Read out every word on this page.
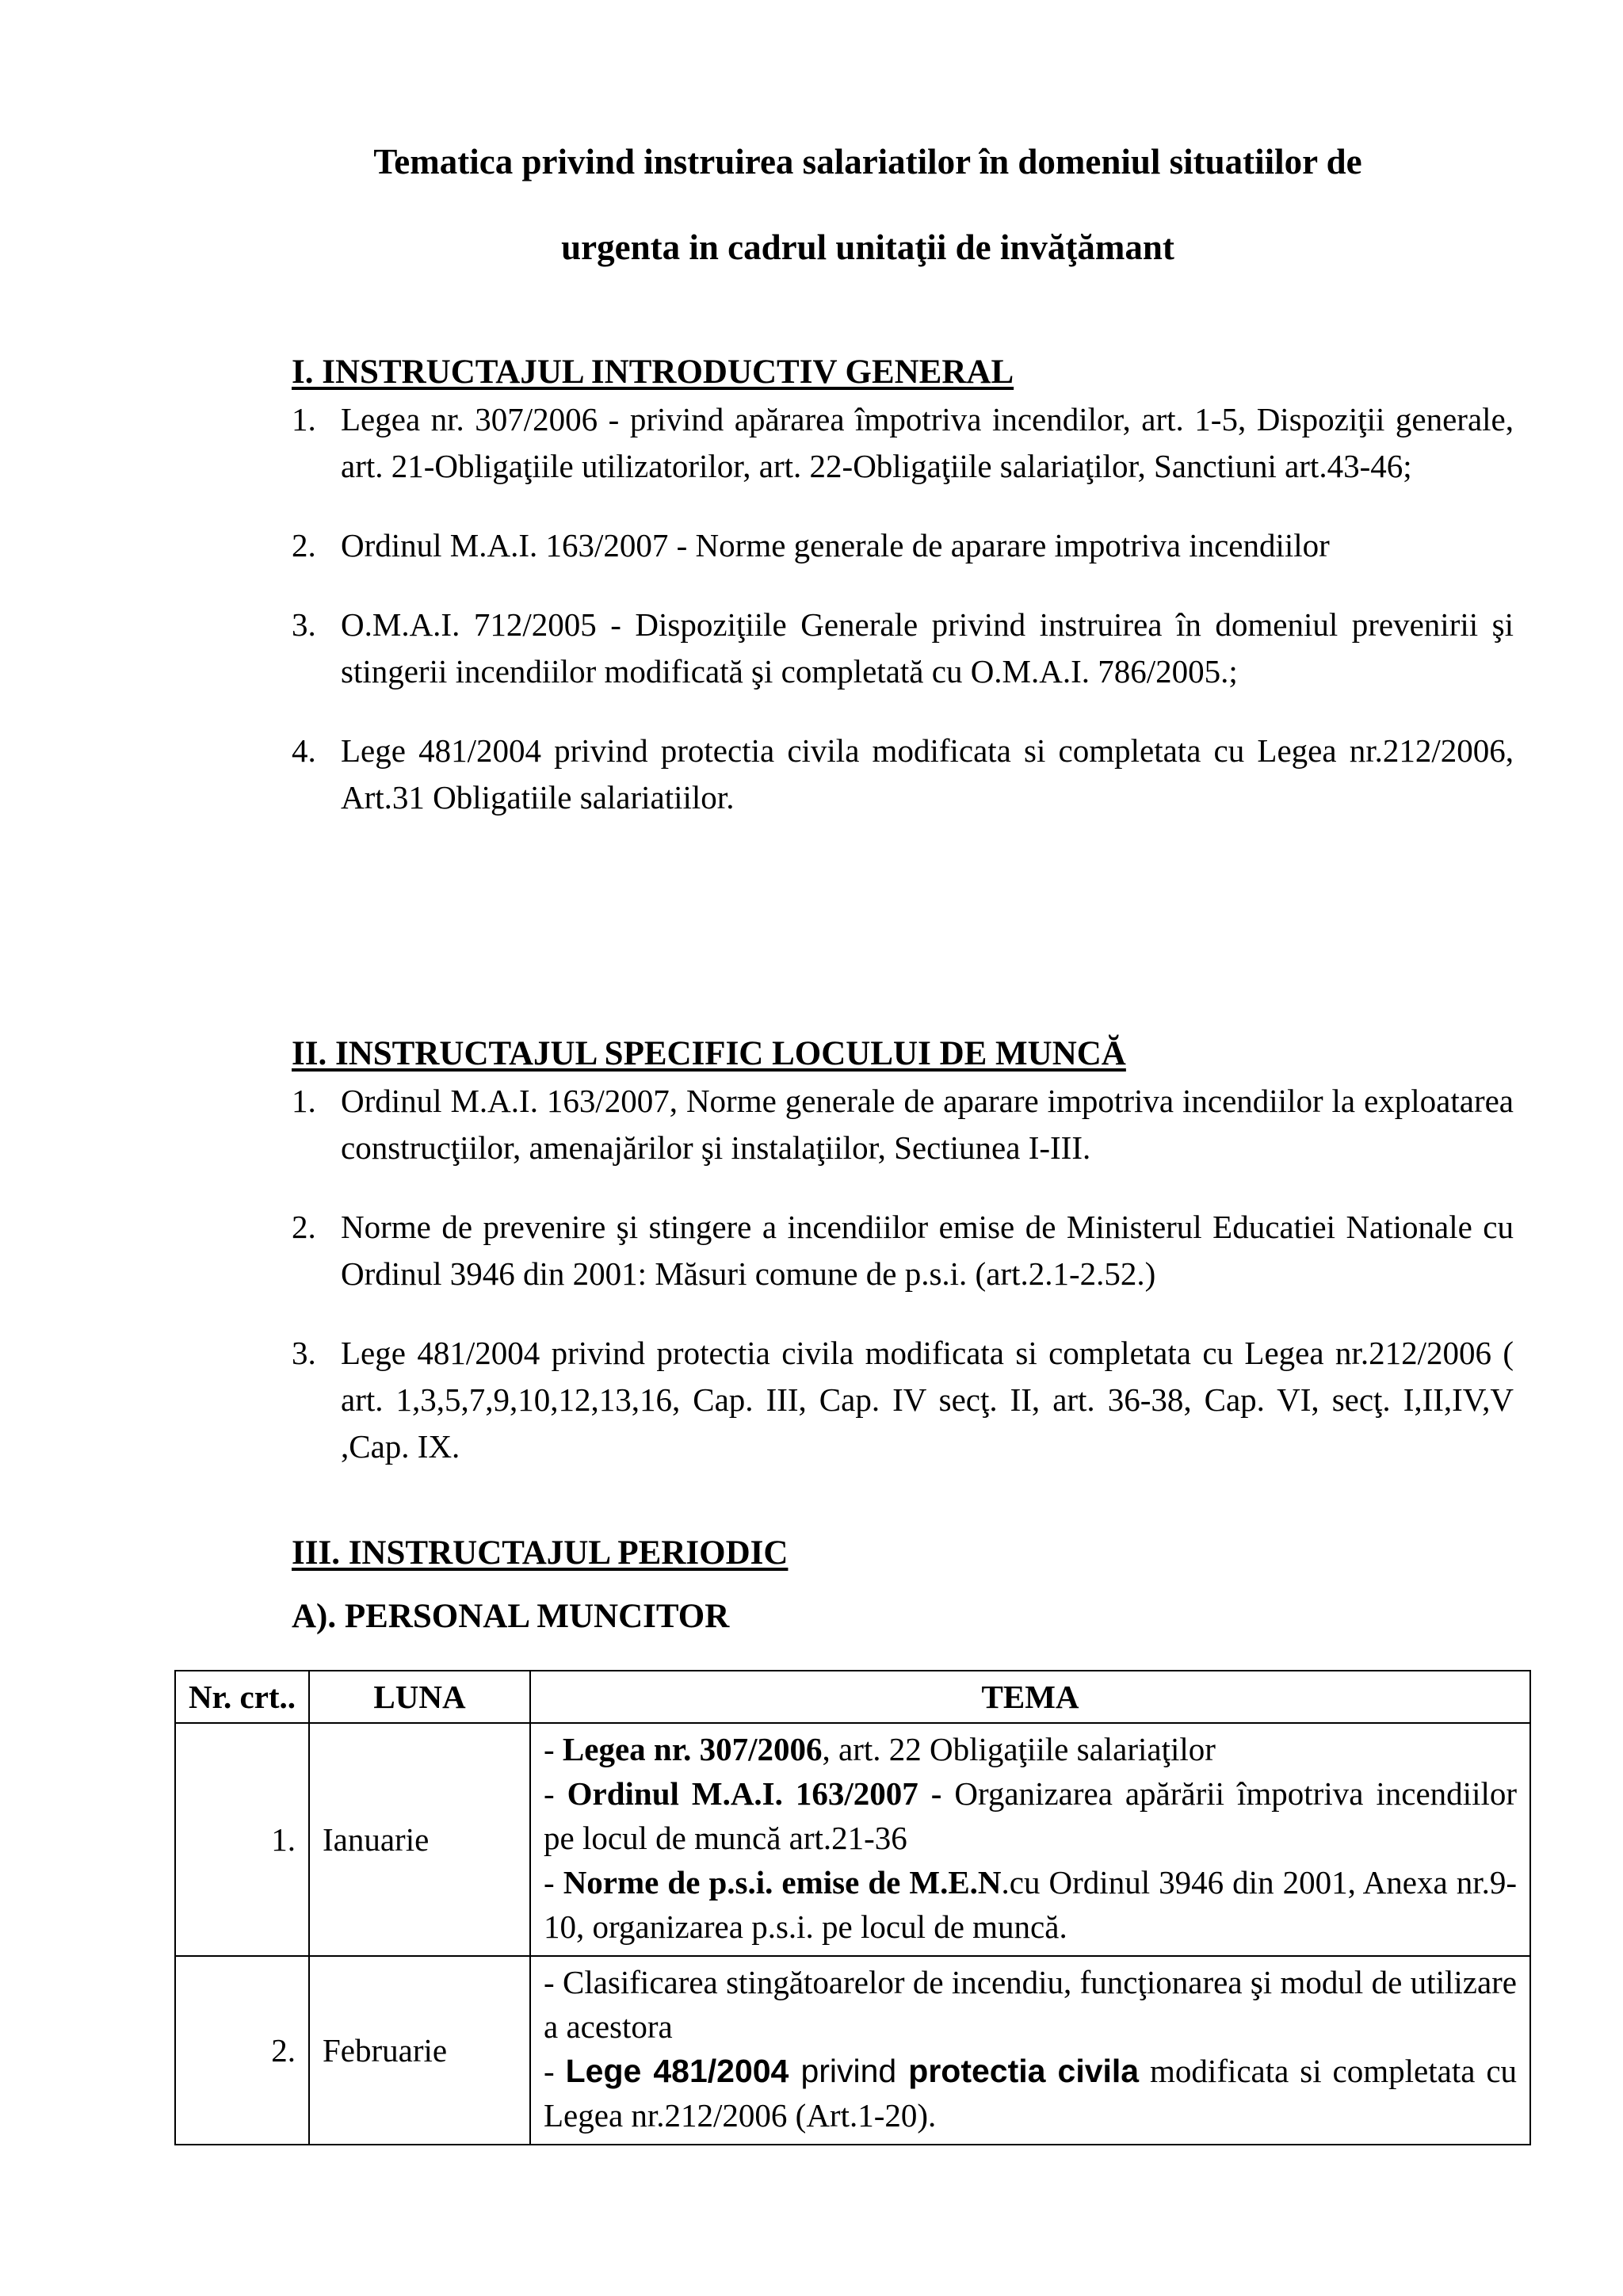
Tematica privind instruirea salariatilor în domeniul situatiilor de
urgenta in cadrul unitaţii de invăţămant

I. INSTRUCTAJUL INTRODUCTIV GENERAL

1. Legea nr. 307/2006 - privind apărarea împotriva incendilor, art. 1-5, Dispoziţii generale, art. 21-Obligaţiile utilizatorilor, art. 22-Obligaţiile salariaţilor, Sanctiuni art.43-46;
2. Ordinul M.A.I. 163/2007 - Norme generale de aparare impotriva incendiilor
3. O.M.A.I. 712/2005 - Dispoziţiile Generale privind instruirea în domeniul prevenirii şi stingerii incendiilor modificată şi completată cu O.M.A.I. 786/2005.;
4. Lege 481/2004 privind protectia civila modificata si completata cu Legea nr.212/2006, Art.31 Obligatiile salariatiilor.

II. INSTRUCTAJUL SPECIFIC LOCULUI DE MUNCĂ

1. Ordinul M.A.I. 163/2007, Norme generale de aparare impotriva incendiilor la exploatarea construcţiilor, amenajărilor şi instalaţiilor, Sectiunea I-III.
2. Norme de prevenire şi stingere a incendiilor emise de Ministerul Educatiei Nationale cu Ordinul 3946 din 2001: Măsuri comune de p.s.i. (art.2.1-2.52.)
3. Lege 481/2004 privind protectia civila modificata si completata cu Legea nr.212/2006 ( art. 1,3,5,7,9,10,12,13,16, Cap. III, Cap. IV secţ. II, art. 36-38, Cap. VI, secţ. I,II,IV,V ,Cap. IX.

III. INSTRUCTAJUL PERIODIC

A). PERSONAL MUNCITOR

Nr. crt..	LUNA	TEMA
1.	Ianuarie	- Legea nr. 307/2006, art. 22 Obligaţiile salariaţilor
- Ordinul M.A.I. 163/2007 - Organizarea apărării împotriva incendiilor pe locul de muncă art.21-36
- Norme de p.s.i. emise de M.E.N.cu Ordinul 3946 din 2001, Anexa nr.9-10, organizarea p.s.i. pe locul de muncă.

2.	Februarie	- Clasificarea stingătoarelor de incendiu, funcţionarea şi modul de utilizare a acestora
- Lege 481/2004 privind protectia civila modificata si completata cu Legea nr.212/2006 (Art.1-20).
